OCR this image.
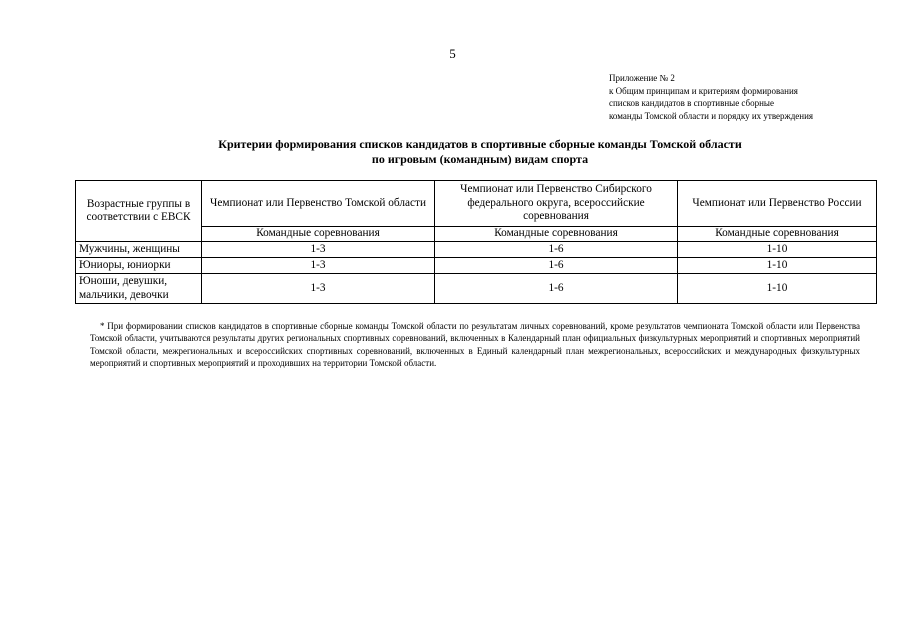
5
Приложение № 2
к Общим принципам и критериям формирования
списков кандидатов в спортивные сборные
команды Томской области и порядку их утверждения
Критерии формирования списков кандидатов в спортивные сборные команды Томской области
по игровым (командным) видам спорта
Возрастные группы в соответствии с ЕВСК	Чемпионат или Первенство Томской области	Чемпионат или Первенство Сибирского федерального округа, всероссийские соревнования	Чемпионат или Первенство России
	Командные соревнования	Командные соревнования	Командные соревнования
Мужчины, женщины	1-3	1-6	1-10
Юниоры, юниорки	1-3	1-6	1-10
Юноши, девушки, мальчики, девочки	1-3	1-6	1-10
* При формировании списков кандидатов в спортивные сборные команды Томской области по результатам личных соревнований, кроме результатов чемпионата Томской области или Первенства Томской области, учитываются результаты других региональных спортивных соревнований, включенных в Календарный план официальных физкультурных мероприятий и спортивных мероприятий Томской области, межрегиональных и всероссийских спортивных соревнований, включенных в Единый календарный план межрегиональных, всероссийских и международных физкультурных мероприятий и спортивных мероприятий и проходивших на территории Томской области.
